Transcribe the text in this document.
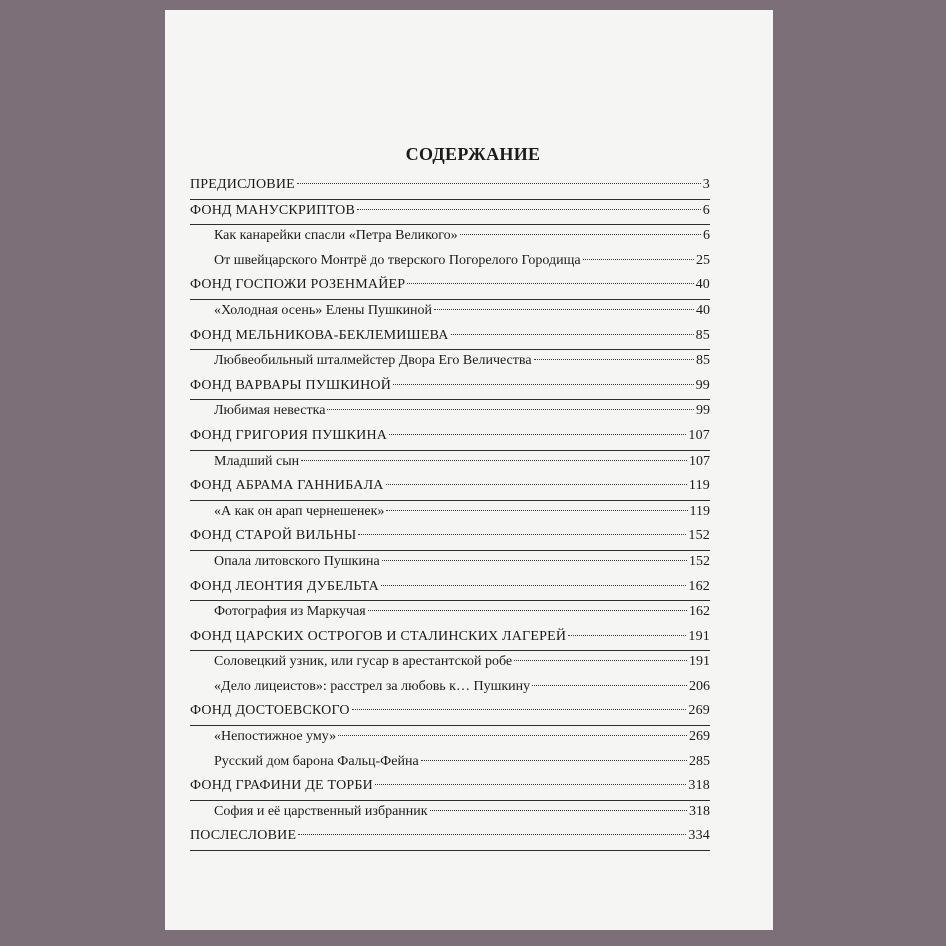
СОДЕРЖАНИЕ
ПРЕДИСЛОВИЕ	3
ФОНД МАНУСКРИПТОВ	6
Как канарейки спасли «Петра Великого»	6
От швейцарского Монтрё до тверского Погорелого Городища	25
ФОНД ГОСПОЖИ РОЗЕНМАЙЕР	40
«Холодная осень» Елены Пушкиной	40
ФОНД МЕЛЬНИКОВА-БЕКЛЕМИШЕВА	85
Любвеобильный шталмейстер Двора Его Величества	85
ФОНД ВАРВАРЫ ПУШКИНОЙ	99
Любимая невестка	99
ФОНД ГРИГОРИЯ ПУШКИНА	107
Младший сын	107
ФОНД АБРАМА ГАННИБАЛА	119
«А как он арап чернешенек»	119
ФОНД СТАРОЙ ВИЛЬНЫ	152
Опала литовского Пушкина	152
ФОНД ЛЕОНТИЯ ДУБЕЛЬТА	162
Фотография из Маркучая	162
ФОНД ЦАРСКИХ ОСТРОГОВ И СТАЛИНСКИХ ЛАГЕРЕЙ	191
Соловецкий узник, или гусар в арестантской робе	191
«Дело лицеистов»: расстрел за любовь к… Пушкину	206
ФОНД ДОСТОЕВСКОГО	269
«Непостижное уму»	269
Русский дом барона Фальц-Фейна	285
ФОНД ГРАФИНИ ДЕ ТОРБИ	318
София и её царственный избранник	318
ПОСЛЕСЛОВИЕ	334
